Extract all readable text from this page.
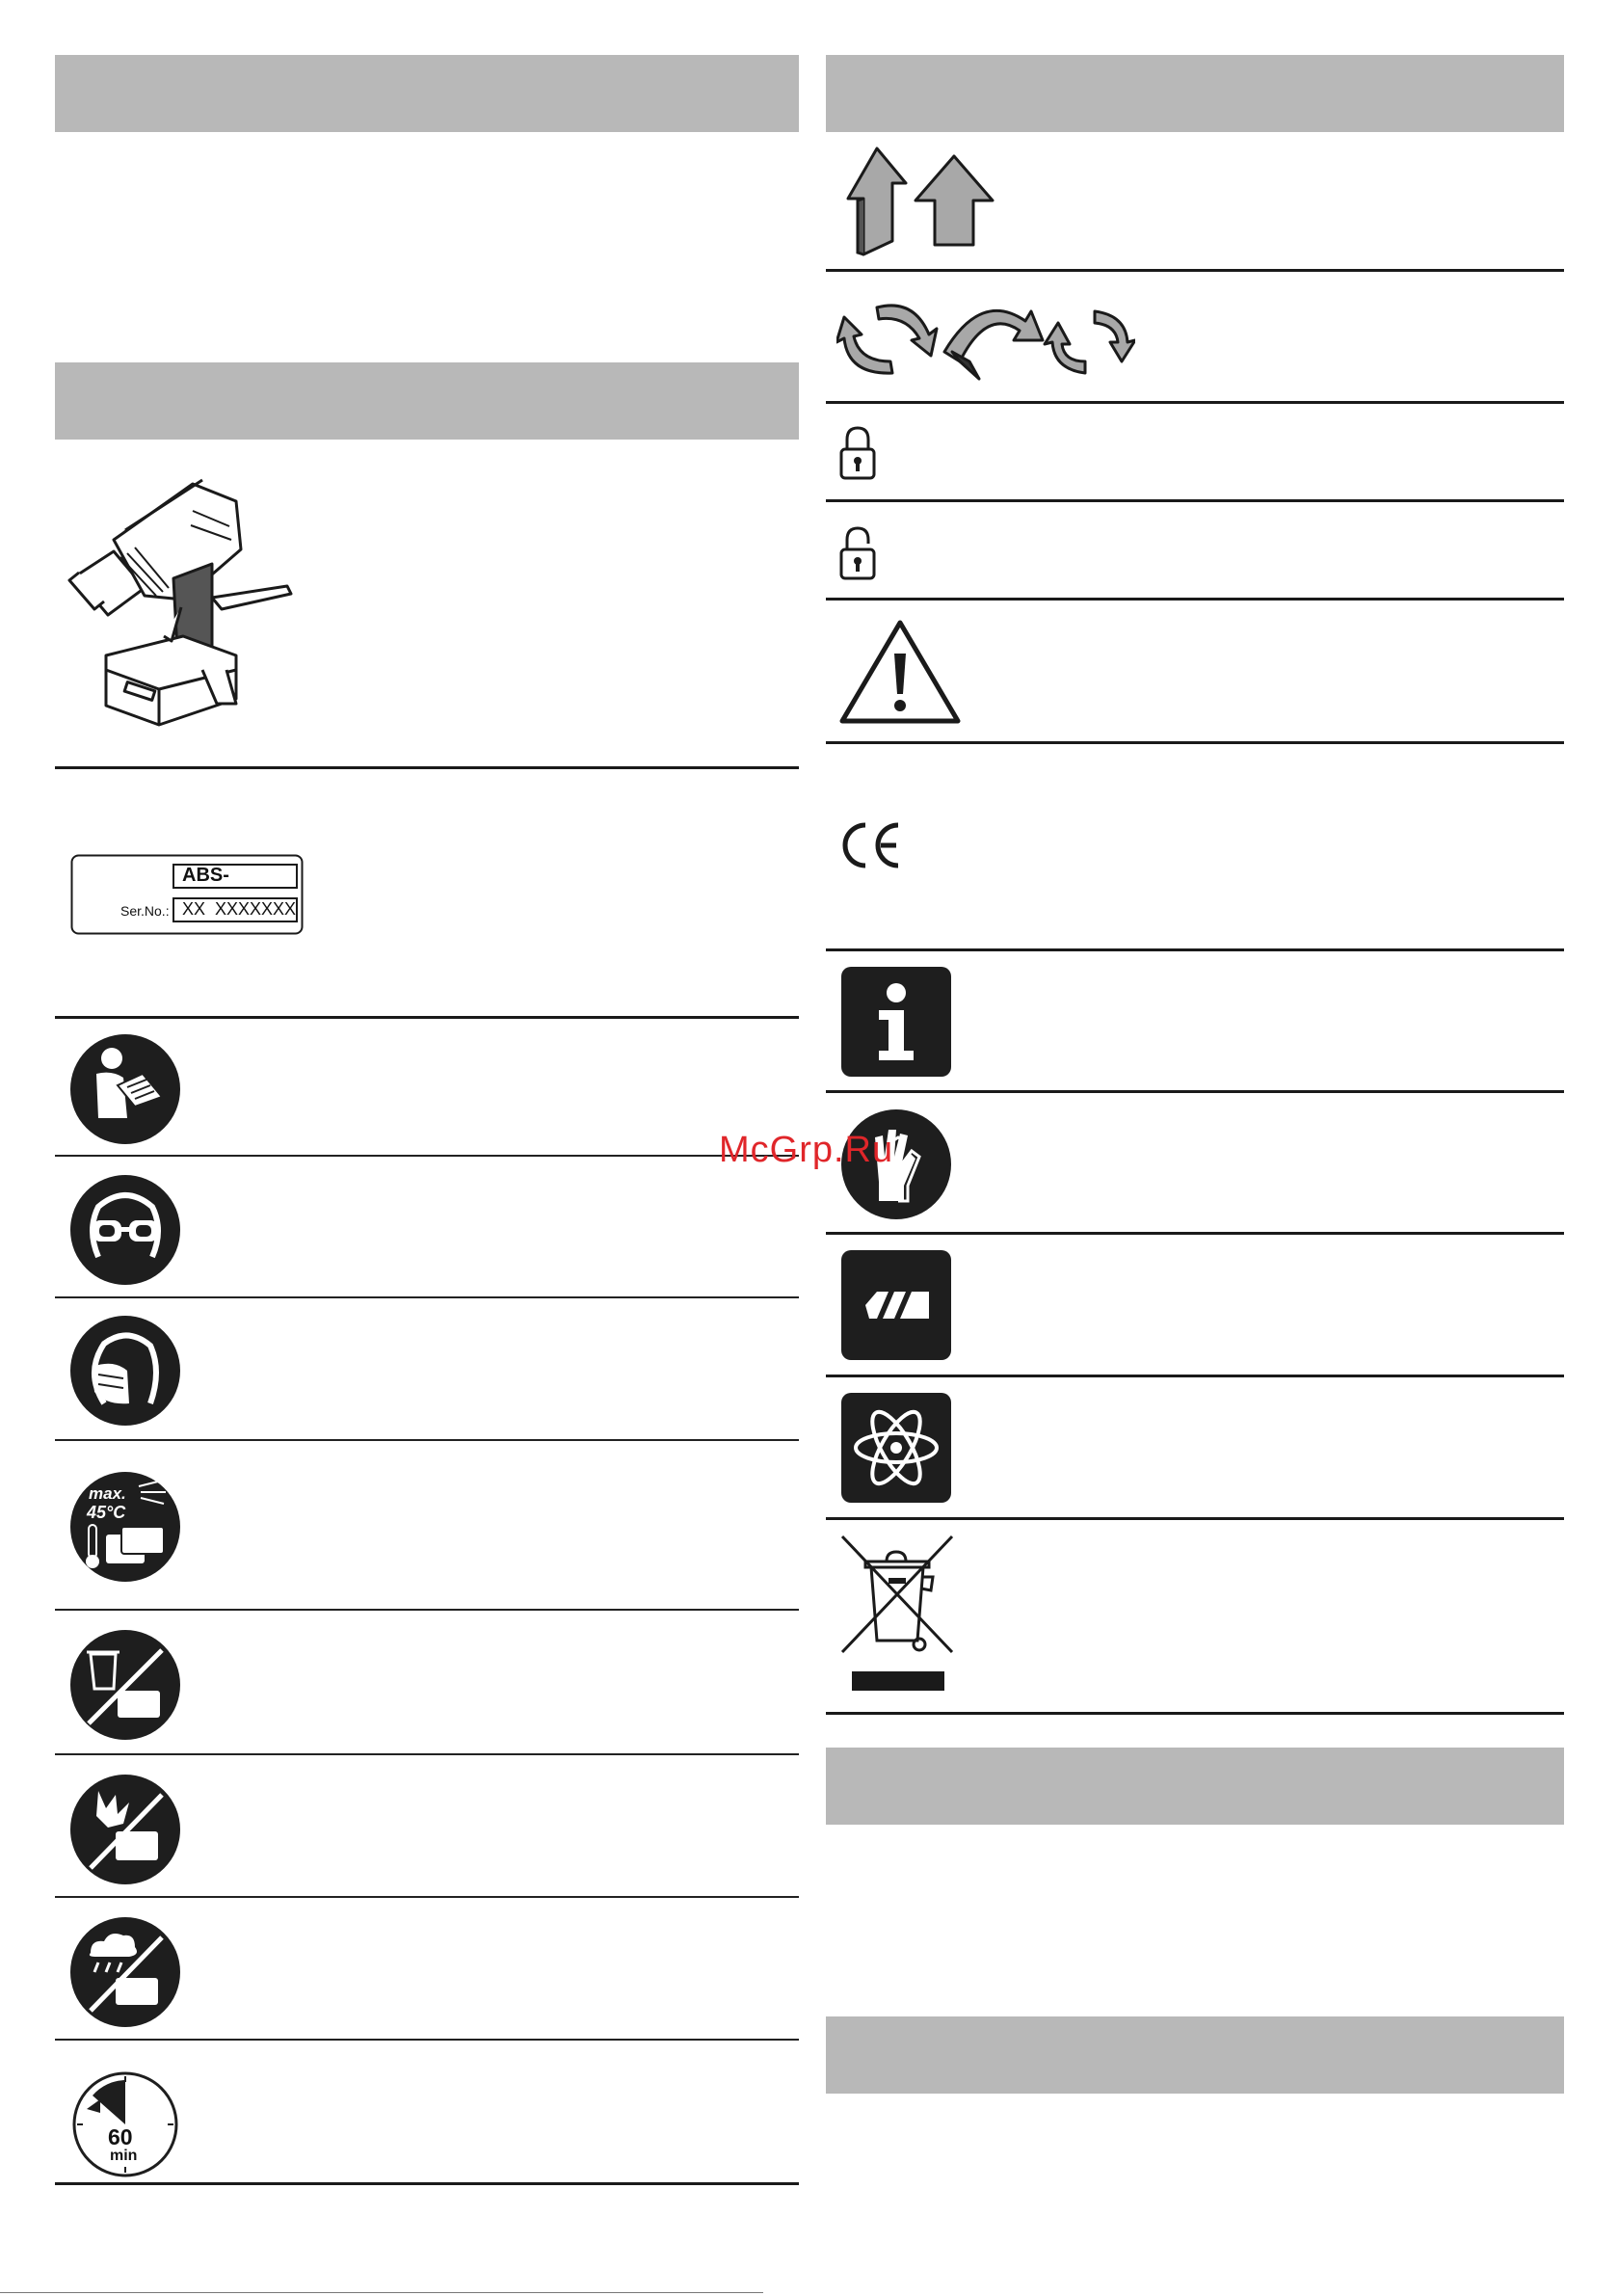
ABS-
Ser.No.: XX  XXXXXXX
max.
45°C
60
min
McGrp.Ru
